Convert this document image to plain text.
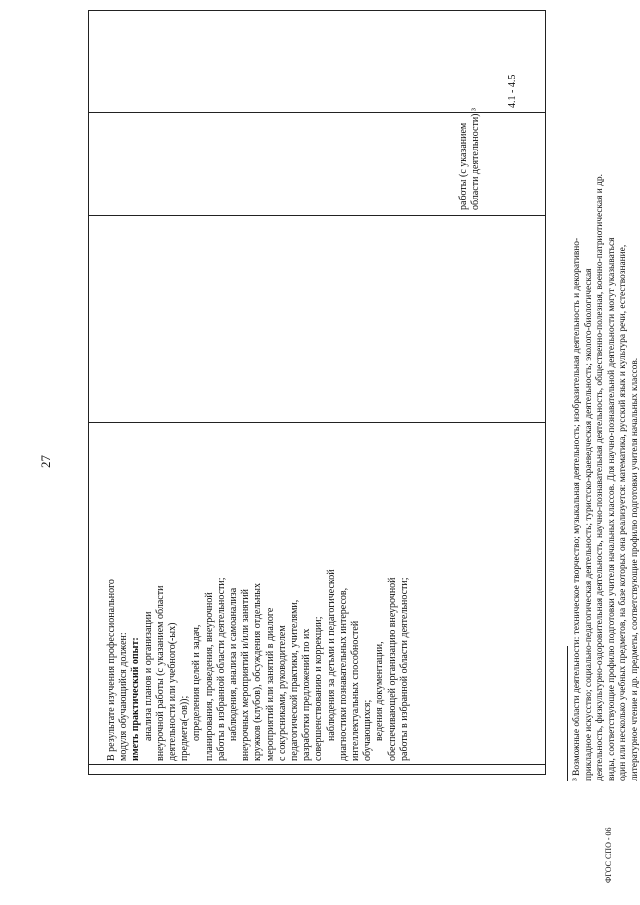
27

В результате изучения профессионального модуля обучающийся должен: иметь практический опыт: анализа планов и организации внеурочной работы (с указанием области деятельности или учебного(-ых) предмета(-ов)); определения целей и задач, планирования, проведения, внеурочной работы в избранной области деятельности; наблюдения, анализа и самоанализа внеурочных мероприятий и/или занятий кружков (клубов), обсуждения отдельных мероприятий или занятий в диалоге с сокурсниками, руководителем педагогической практики, учителями, разработки предложений по их совершенствованию и коррекции; наблюдения за детьми и педагогической диагностики познавательных интересов, интеллектуальных способностей обучающихся; ведения документации, обеспечивающей организацию внеурочной работы в избранной области деятельности;

работы (с указанием области деятельности) ³

4.1 - 4.5

³ Возможные области деятельности: техническое творчество; музыкальная деятельность; изобразительная деятельность и декоративно- прикладное искусство; социально-педагогическая деятельность; туристско-краеведческая деятельность; эколого-биологическая деятельность, физкультурно-оздоровительная деятельность, научно-познавательная деятельность, общественно-полезная, военно-патриотическая и др. виды, соответствующие профилю подготовки учителя начальных классов. Для научно-познавательной деятельности могут указываться один или несколько учебных предметов, на базе которых она реализуется: математика, русский язык и культура речи, естествознание, литературное чтение и др. предметы, соответствующие профилю подготовки учителя начальных классов.

ФГОС СПО - 06
